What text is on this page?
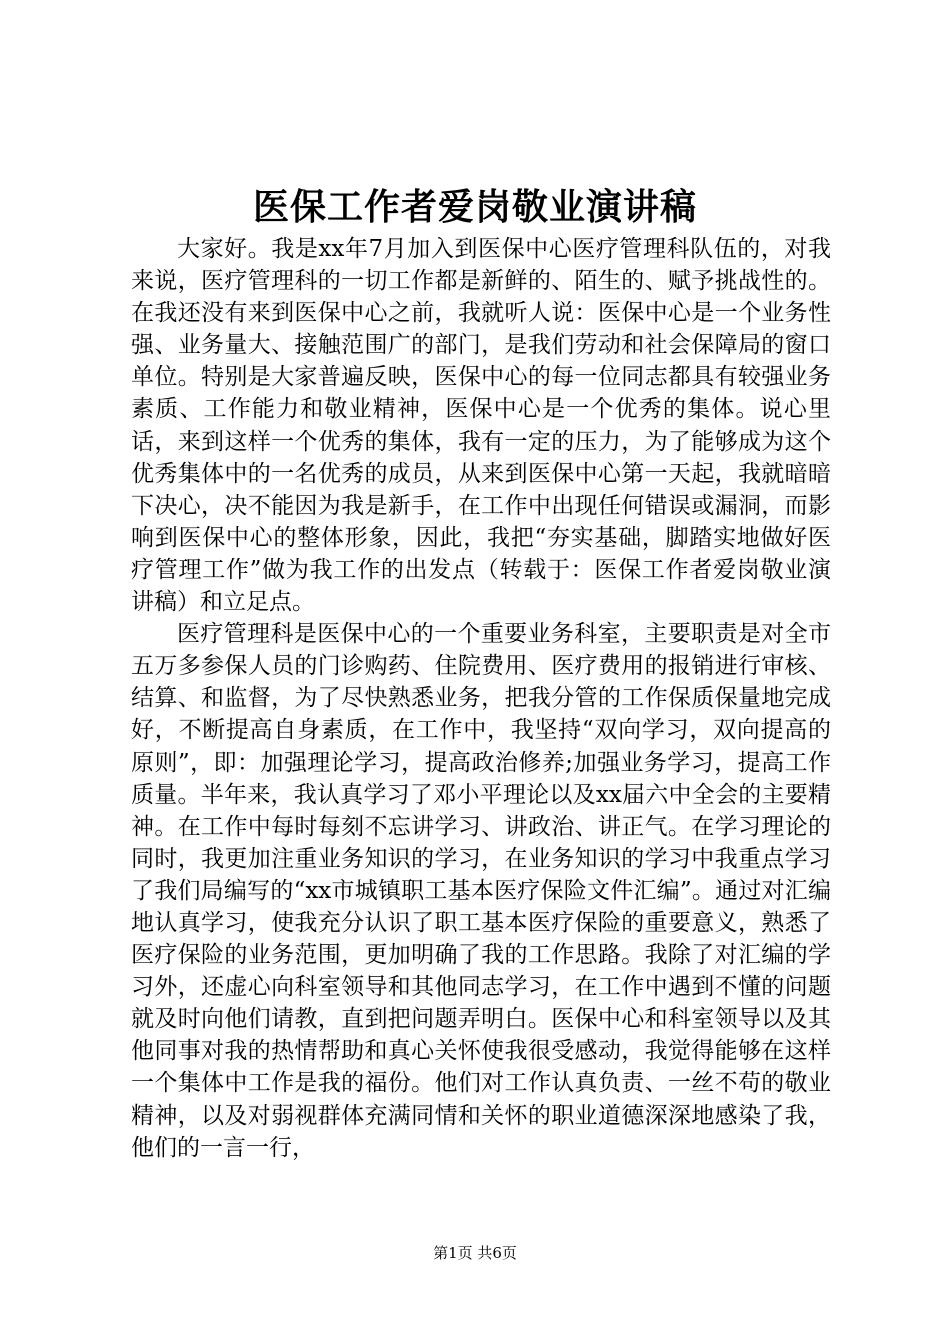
医保工作者爱岗敬业演讲稿

大家好。我是xx年7月加入到医保中心医疗管理科队伍的，对我来说，医疗管理科的一切工作都是新鲜的、陌生的、赋予挑战性的。在我还没有来到医保中心之前，我就听人说：医保中心是一个业务性强、业务量大、接触范围广的部门，是我们劳动和社会保障局的窗口单位。特别是大家普遍反映，医保中心的每一位同志都具有较强业务素质、工作能力和敬业精神，医保中心是一个优秀的集体。说心里话，来到这样一个优秀的集体，我有一定的压力，为了能够成为这个优秀集体中的一名优秀的成员，从来到医保中心第一天起，我就暗暗下决心，决不能因为我是新手，在工作中出现任何错误或漏洞，而影响到医保中心的整体形象，因此，我把“夯实基础，脚踏实地做好医疗管理工作”做为我工作的出发点（转载于：医保工作者爱岗敬业演讲稿）和立足点。

医疗管理科是医保中心的一个重要业务科室，主要职责是对全市五万多参保人员的门诊购药、住院费用、医疗费用的报销进行审核、结算、和监督，为了尽快熟悉业务，把我分管的工作保质保量地完成好，不断提高自身素质，在工作中，我坚持“双向学习，双向提高的原则”，即：加强理论学习，提高政治修养;加强业务学习，提高工作质量。半年来，我认真学习了邓小平理论以及xx届六中全会的主要精神。在工作中每时每刻不忘讲学习、讲政治、讲正气。在学习理论的同时，我更加注重业务知识的学习，在业务知识的学习中我重点学习了我们局编写的“xx市城镇职工基本医疗保险文件汇编”。通过对汇编地认真学习，使我充分认识了职工基本医疗保险的重要意义，熟悉了医疗保险的业务范围，更加明确了我的工作思路。我除了对汇编的学习外，还虚心向科室领导和其他同志学习，在工作中遇到不懂的问题就及时向他们请教，直到把问题弄明白。医保中心和科室领导以及其他同事对我的热情帮助和真心关怀使我很受感动，我觉得能够在这样一个集体中工作是我的福份。他们对工作认真负责、一丝不苟的敬业精神，以及对弱视群体充满同情和关怀的职业道德深深地感染了我，他们的一言一行，

第1页 共6页
